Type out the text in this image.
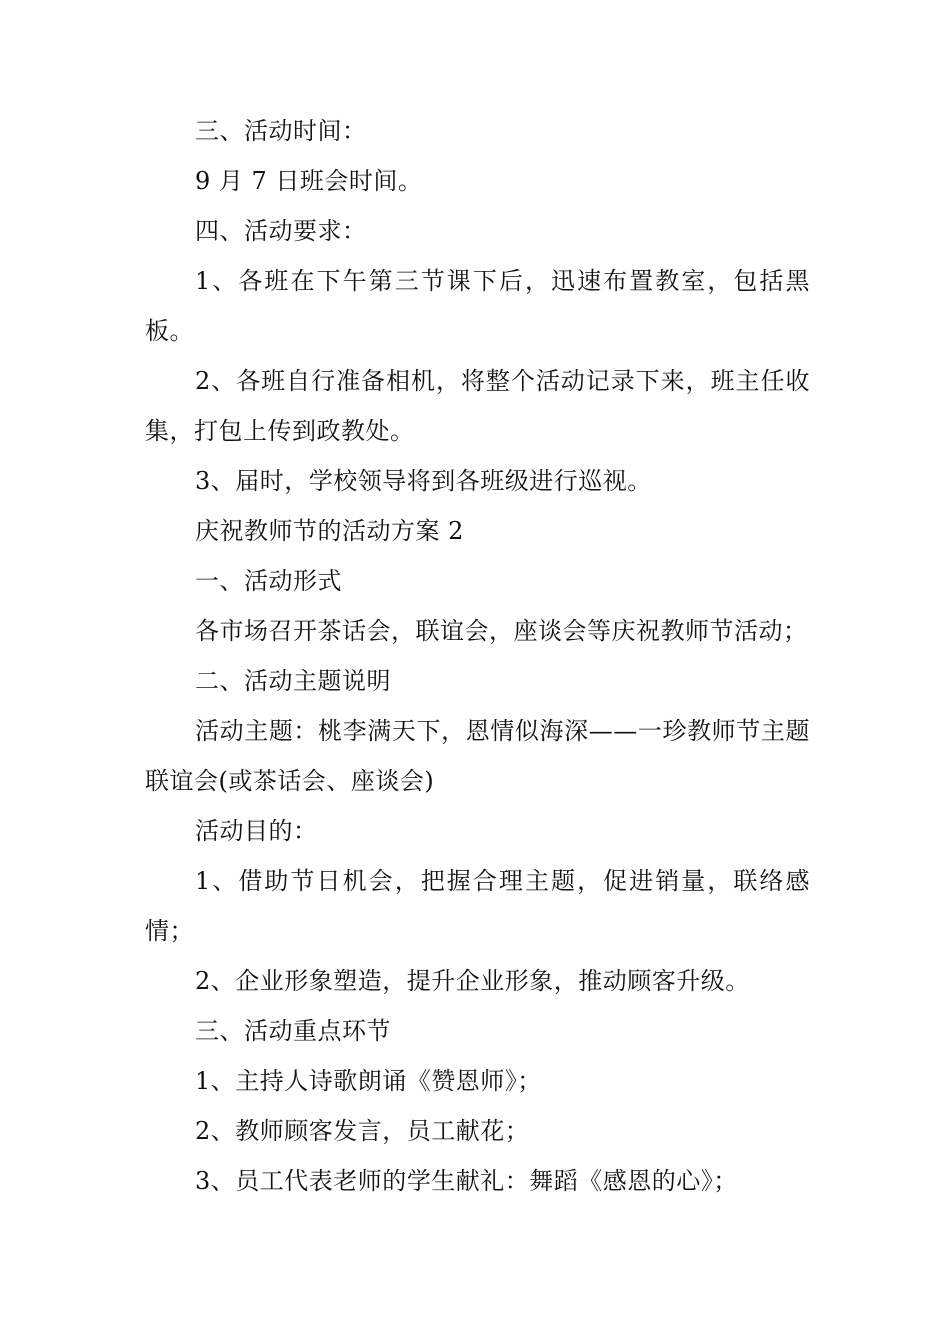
三、活动时间：

9 月 7 日班会时间。

四、活动要求：

1、各班在下午第三节课下后，迅速布置教室，包括黑板。

2、各班自行准备相机，将整个活动记录下来，班主任收集，打包上传到政教处。

3、届时，学校领导将到各班级进行巡视。

庆祝教师节的活动方案 2

一、活动形式

各市场召开茶话会，联谊会，座谈会等庆祝教师节活动；

二、活动主题说明

活动主题：桃李满天下，恩情似海深——一珍教师节主题联谊会(或茶话会、座谈会)

活动目的：

1、借助节日机会，把握合理主题，促进销量，联络感情；

2、企业形象塑造，提升企业形象，推动顾客升级。

三、活动重点环节

1、主持人诗歌朗诵《赞恩师》；

2、教师顾客发言，员工献花；

3、员工代表老师的学生献礼：舞蹈《感恩的心》；
